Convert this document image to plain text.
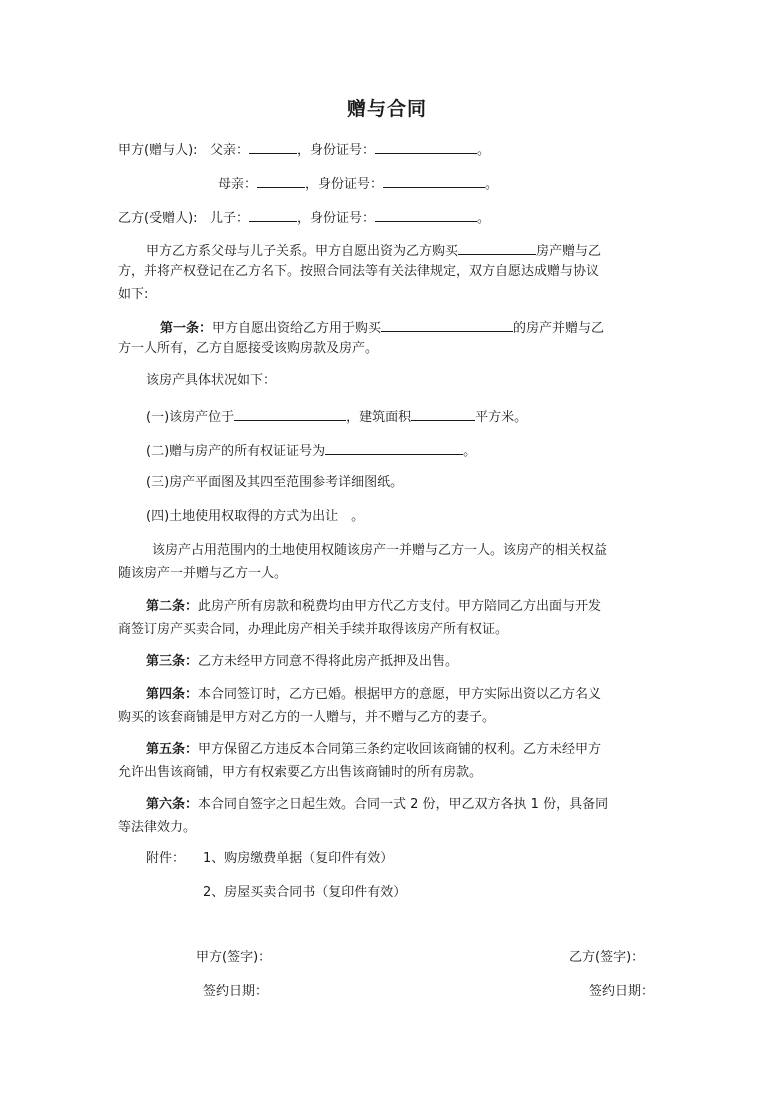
赠与合同
甲方(赠与人): 父亲：	，身份证号：	。
母亲：	，身份证号：	。
乙方(受赠人): 儿子：	，身份证号：	。
甲方乙方系父母与儿子关系。甲方自愿出资为乙方购买	房产赠与乙
方，并将产权登记在乙方名下。按照合同法等有关法律规定，双方自愿达成赠与协议
如下:
第一条：甲方自愿出资给乙方用于购买	的房产并赠与乙
方一人所有，乙方自愿接受该购房款及房产。
该房产具体状况如下：
(一)该房产位于	，建筑面积	平方米。
(二)赠与房产的所有权证证号为	。
(三)房产平面图及其四至范围参考详细图纸。
(四)土地使用权取得的方式为出让　。
该房产占用范围内的土地使用权随该房产一并赠与乙方一人。该房产的相关权益
随该房产一并赠与乙方一人。
第二条：此房产所有房款和税费均由甲方代乙方支付。甲方陪同乙方出面与开发
商签订房产买卖合同，办理此房产相关手续并取得该房产所有权证。
第三条：乙方未经甲方同意不得将此房产抵押及出售。
第四条：本合同签订时，乙方已婚。根据甲方的意愿，甲方实际出资以乙方名义
购买的该套商铺是甲方对乙方的一人赠与，并不赠与乙方的妻子。
第五条：甲方保留乙方违反本合同第三条约定收回该商铺的权利。乙方未经甲方
允许出售该商铺，甲方有权索要乙方出售该商铺时的所有房款。
第六条：本合同自签字之日起生效。合同一式 2 份，甲乙双方各执 1 份，具备同
等法律效力。
附件： 1、购房缴费单据（复印件有效）
2、房屋买卖合同书（复印件有效）
甲方(签字)：	乙方(签字)：
签约日期：	签约日期：
